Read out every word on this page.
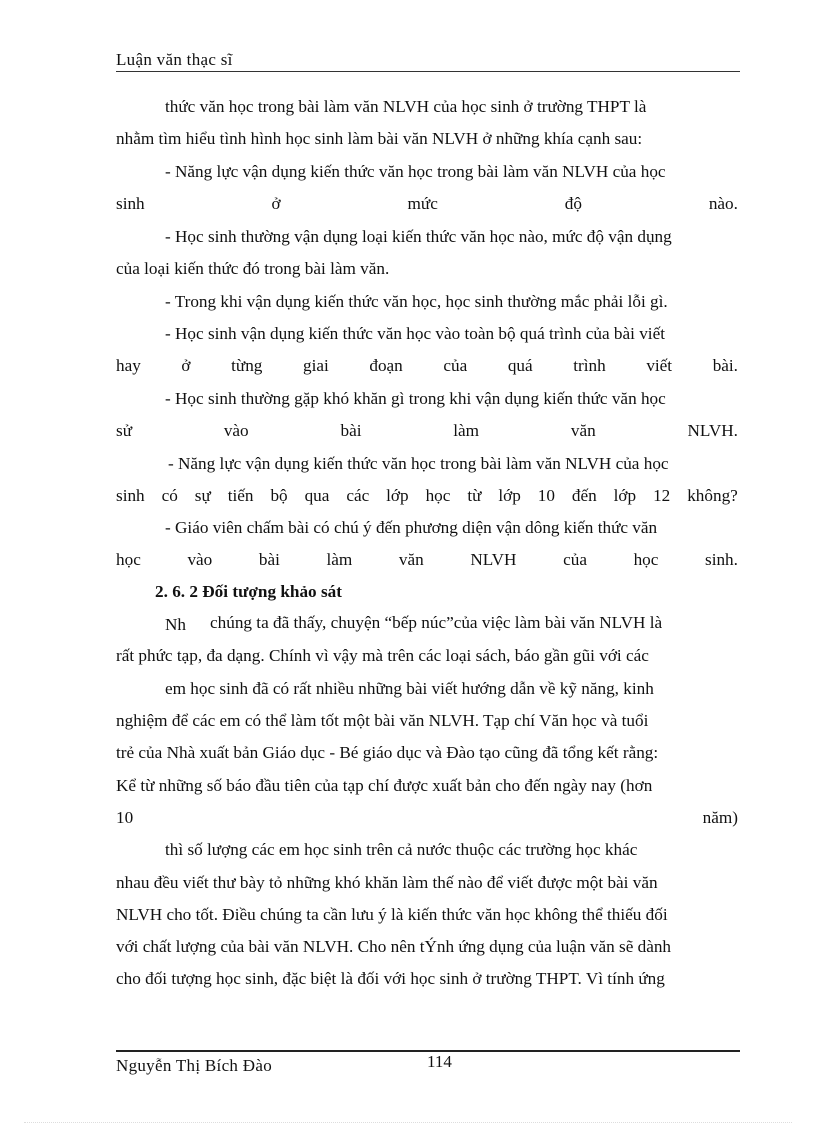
Luận văn thạc sĩ
thức văn học trong bài làm văn NLVH của học sinh ở trường THPT là
nhằm tìm hiểu tình hình học sinh làm bài văn NLVH ở những khía cạnh sau:
- Năng lực vận dụng kiến thức văn học trong bài làm văn NLVH của học
sinh	ở	mức	độ	nào.
- Học sinh thường vận dụng loại kiến thức văn học nào, mức độ vận dụng
của loại kiến thức đó trong bài làm văn.
- Trong khi vận dụng kiến thức văn học, học sinh thường mắc phải lỗi gì.
- Học sinh vận dụng kiến thức văn học vào toàn bộ quá trình của bài viết
hay ở từng giai đoạn của quá trình viết bài.
- Học sinh thường gặp khó khăn gì trong khi vận dụng kiến thức văn học
sử	vào	bài	làm	văn	NLVH.
- Năng lực vận dụng kiến thức văn học trong bài làm văn NLVH của học
sinh có sự tiến bộ qua các lớp học từ lớp 10 đến lớp 12 không?
- Giáo viên chấm bài có chú ý đến phương diện vận dông kiến thức văn
học	vào	bài	làm	văn	NLVH	của	học	sinh.
2. 6. 2 Đối tượng khảo sát
Nh chúng ta đã thấy, chuyện “bếp núc”của việc làm bài văn NLVH là
rất phức tạp, đa dạng. Chính vì vậy mà trên các loại sách, báo gần gũi với các
em học sinh đã có rất nhiều những bài viết hướng dẫn về kỹ năng, kinh
nghiệm để các em có thể làm tốt một bài văn NLVH. Tạp chí Văn học và tuổi
trẻ của Nhà xuất bản Giáo dục - Bé giáo dục và Đào tạo cũng đã tổng kết rằng:
Kể từ những số báo đầu tiên của tạp chí được xuất bản cho đến ngày nay (hơn
10	năm)
thì số lượng các em học sinh trên cả nước thuộc các trường học khác
nhau đều viết thư bày tỏ những khó khăn làm thế nào để viết được một bài văn
NLVH cho tốt. Điều chúng ta cần lưu ý là kiến thức văn học không thể thiếu đối
với chất lượng của bài văn NLVH. Cho nên tÝnh ứng dụng của luận văn sẽ dành
cho đối tượng học sinh, đặc biệt là đối với học sinh ở trường THPT. Vì tính ứng
Nguyễn Thị Bích Đào	114
